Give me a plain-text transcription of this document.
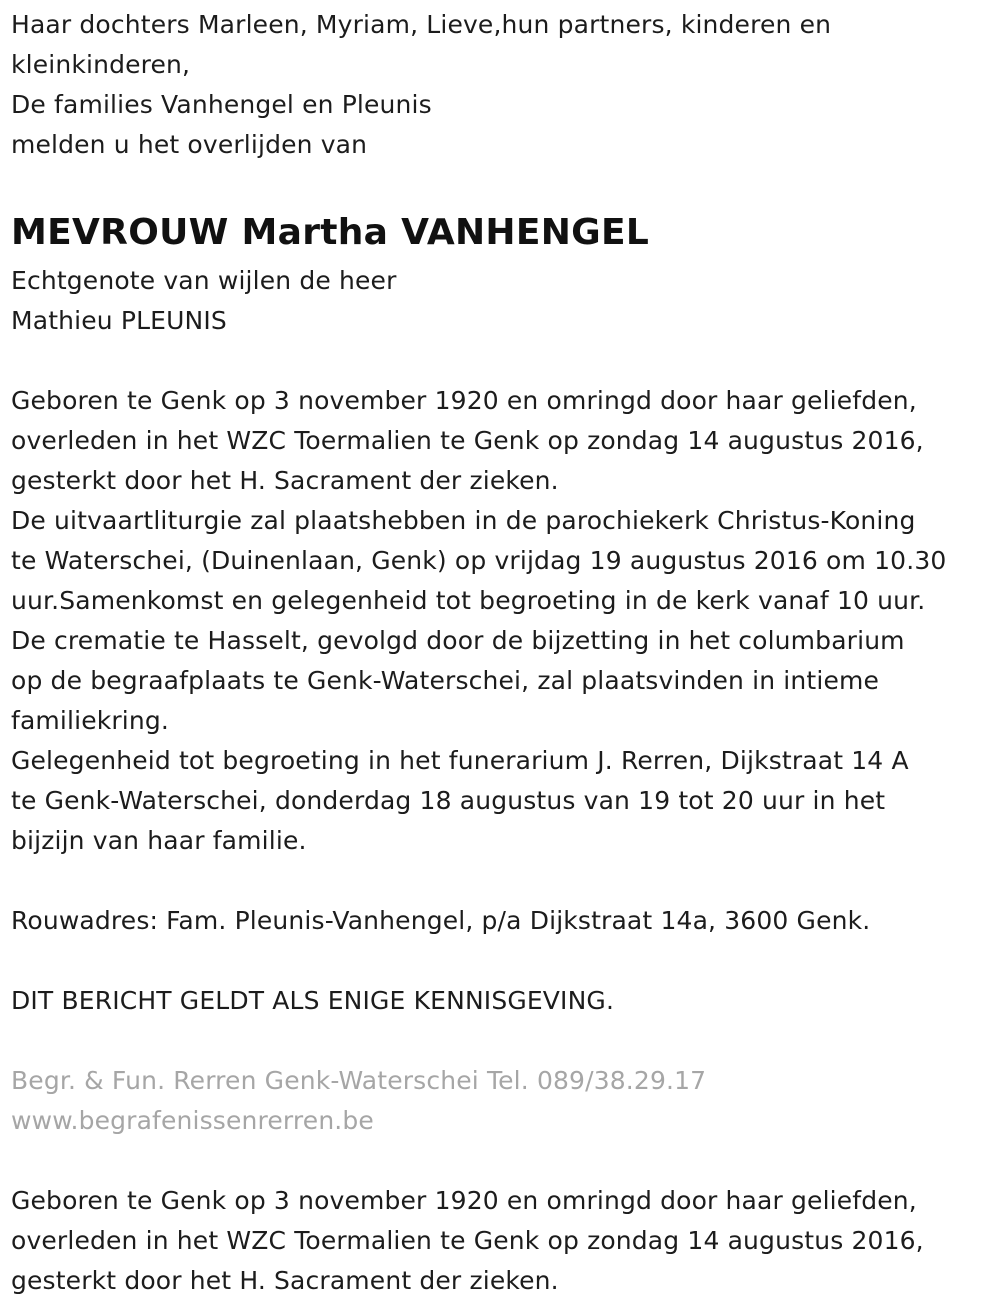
Haar dochters Marleen, Myriam, Lieve,hun partners, kinderen en
kleinkinderen,
De families Vanhengel en Pleunis
melden u het overlijden van
MEVROUW Martha VANHENGEL
Echtgenote van wijlen de heer
Mathieu PLEUNIS
Geboren te Genk op 3 november 1920 en omringd door haar geliefden,
overleden in het WZC Toermalien te Genk op zondag 14 augustus 2016,
gesterkt door het H. Sacrament der zieken.
De uitvaartliturgie zal plaatshebben in de parochiekerk Christus-Koning
te Waterschei, (Duinenlaan, Genk) op vrijdag 19 augustus 2016 om 10.30
uur.Samenkomst en gelegenheid tot begroeting in de kerk vanaf 10 uur.
De crematie te Hasselt, gevolgd door de bijzetting in het columbarium
op de begraafplaats te Genk-Waterschei, zal plaatsvinden in intieme
familiekring.
Gelegenheid tot begroeting in het funerarium J. Rerren, Dijkstraat 14 A
te Genk-Waterschei, donderdag 18 augustus van 19 tot 20 uur in het
bijzijn van haar familie.
Rouwadres: Fam. Pleunis-Vanhengel, p/a Dijkstraat 14a, 3600 Genk.
DIT BERICHT GELDT ALS ENIGE KENNISGEVING.
Begr. & Fun. Rerren Genk-Waterschei Tel. 089/38.29.17
www.begrafenissenrerren.be
Geboren te Genk op 3 november 1920 en omringd door haar geliefden,
overleden in het WZC Toermalien te Genk op zondag 14 augustus 2016,
gesterkt door het H. Sacrament der zieken.
